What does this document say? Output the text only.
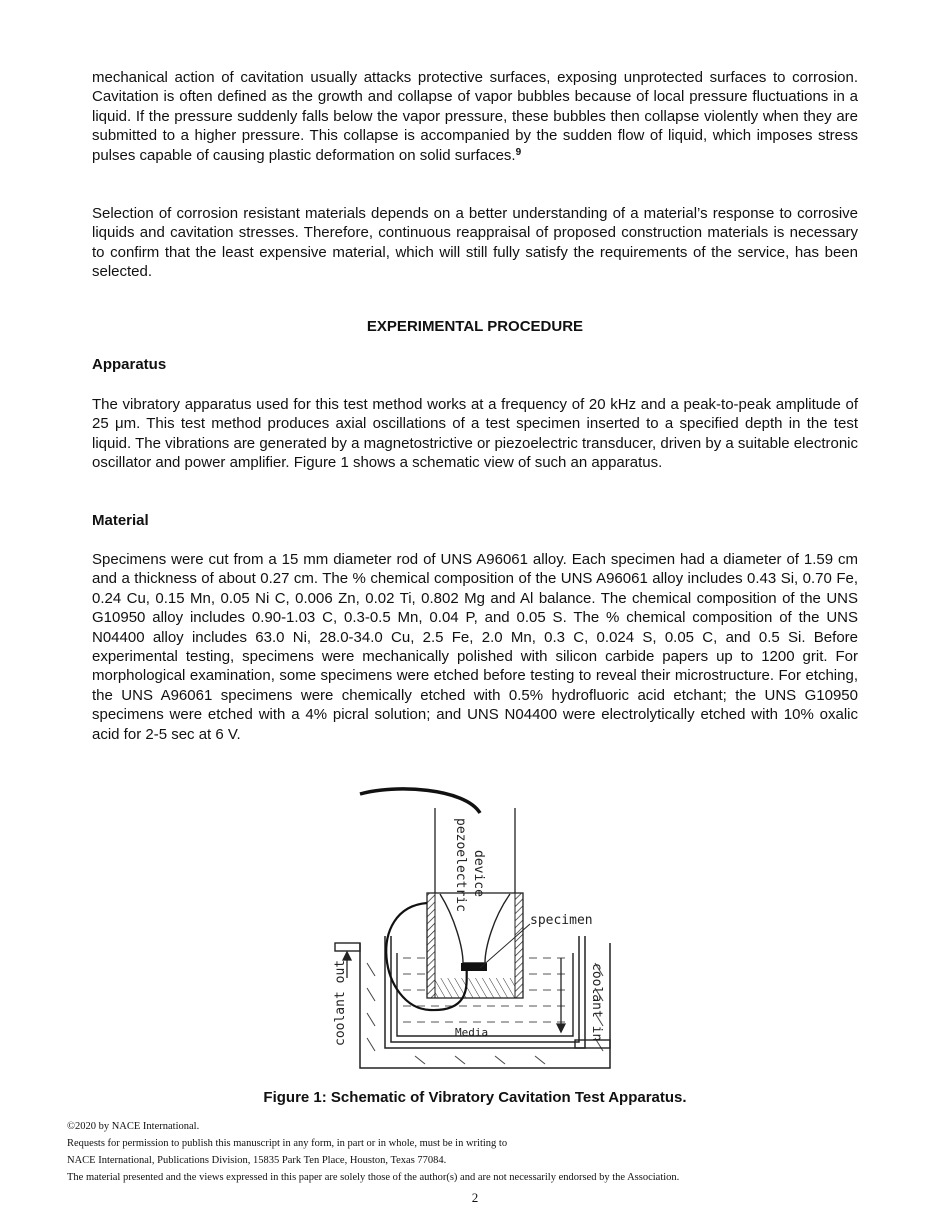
mechanical action of cavitation usually attacks protective surfaces, exposing unprotected surfaces to corrosion. Cavitation is often defined as the growth and collapse of vapor bubbles because of local pressure fluctuations in a liquid. If the pressure suddenly falls below the vapor pressure, these bubbles then collapse violently when they are submitted to a higher pressure. This collapse is accompanied by the sudden flow of liquid, which imposes stress pulses capable of causing plastic deformation on solid surfaces.$^9$

Selection of corrosion resistant materials depends on a better understanding of a material’s response to corrosive liquids and cavitation stresses. Therefore, continuous reappraisal of proposed construction materials is necessary to confirm that the least expensive material, which will still fully satisfy the requirements of the service, has been selected.

EXPERIMENTAL PROCEDURE

Apparatus

The vibratory apparatus used for this test method works at a frequency of 20 kHz and a peak-to-peak amplitude of 25 μm. This test method produces axial oscillations of a test specimen inserted to a specified depth in the test liquid. The vibrations are generated by a magnetostrictive or piezoelectric transducer, driven by a suitable electronic oscillator and power amplifier. Figure 1 shows a schematic view of such an apparatus.

Material

Specimens were cut from a 15 mm diameter rod of UNS A96061 alloy. Each specimen had a diameter of 1.59 cm and a thickness of about 0.27 cm. The % chemical composition of the UNS A96061 alloy includes 0.43 Si, 0.70 Fe, 0.24 Cu, 0.15 Mn, 0.05 Ni C, 0.006 Zn, 0.02 Ti, 0.802 Mg and Al balance. The chemical composition of the UNS G10950 alloy includes 0.90-1.03 C, 0.3-0.5 Mn, 0.04 P, and 0.05 S. The % chemical composition of the UNS N04400 alloy includes 63.0 Ni, 28.0-34.0 Cu, 2.5 Fe, 2.0 Mn, 0.3 C, 0.024 S, 0.05 C, and 0.5 Si. Before experimental testing, specimens were mechanically polished with silicon carbide papers up to 1200 grit. For morphological examination, some specimens were etched before testing to reveal their microstructure. For etching, the UNS A96061 specimens were chemically etched with 0.5% hydrofluoric acid etchant; the UNS G10950 specimens were etched with a 4% picral solution; and UNS N04400 were electrolytically etched with 10% oxalic acid for 2-5 sec at 6 V.

pezoelectric device
specimen
coolant out	coolant in
Media

Figure 1: Schematic of Vibratory Cavitation Test Apparatus.

©2020 by NACE International.

Requests for permission to publish this manuscript in any form, in part or in whole, must be in writing to

NACE International, Publications Division, 15835 Park Ten Place, Houston, Texas 77084.

The material presented and the views expressed in this paper are solely those of the author(s) and are not necessarily endorsed by the Association.

2
